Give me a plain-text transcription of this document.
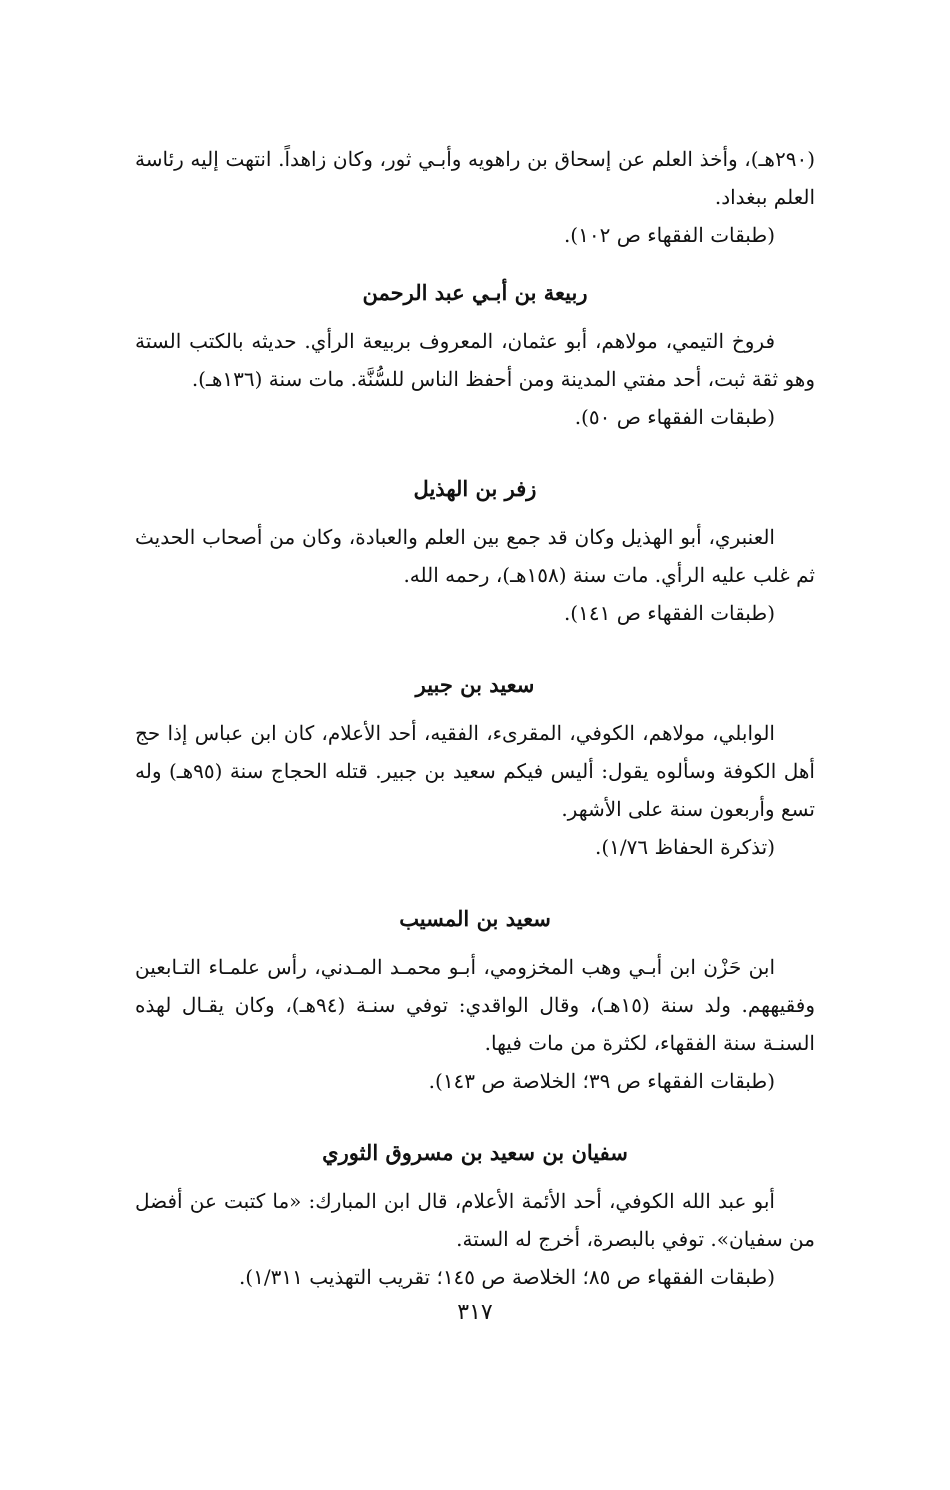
(٢٩٠هـ)، وأخذ العلم عن إسحاق بن راهويه وأبـي ثور، وكان زاهداً. انتهت إليه رئاسة العلم ببغداد.

(طبقات الفقهاء ص ١٠٢).

ربيعة بن أبـي عبد الرحمن

فروخ التيمي، مولاهم، أبو عثمان، المعروف بربيعة الرأي. حديثه بالكتب الستة وهو ثقة ثبت، أحد مفتي المدينة ومن أحفظ الناس للسُّنَّة. مات سنة (١٣٦هـ).

(طبقات الفقهاء ص ٥٠).

زفر بن الهذيل

العنبري، أبو الهذيل وكان قد جمع بين العلم والعبادة، وكان من أصحاب الحديث ثم غلب عليه الرأي. مات سنة (١٥٨هـ)، رحمه الله.

(طبقات الفقهاء ص ١٤١).

سعيد بن جبير

الوابلي، مولاهم، الكوفي، المقرىء، الفقيه، أحد الأعلام، كان ابن عباس إذا حج أهل الكوفة وسألوه يقول: أليس فيكم سعيد بن جبير. قتله الحجاج سنة (٩٥هـ) وله تسع وأربعون سنة على الأشهر.

(تذكرة الحفاظ ١/٧٦).

سعيد بن المسيب

ابن حَزْن ابن أبـي وهب المخزومي، أبـو محمـد المـدني، رأس علمـاء التـابعين وفقيههم. ولد سنة (١٥هـ)، وقال الواقدي: توفي سنـة (٩٤هـ)، وكان يقـال لهذه السنـة سنة الفقهاء، لكثرة من مات فيها.

(طبقات الفقهاء ص ٣٩؛ الخلاصة ص ١٤٣).

سفيان بن سعيد بن مسروق الثوري

أبو عبد الله الكوفي، أحد الأئمة الأعلام، قال ابن المبارك: «ما كتبت عن أفضل من سفيان». توفي بالبصرة، أخرج له الستة.

(طبقات الفقهاء ص ٨٥؛ الخلاصة ص ١٤٥؛ تقريب التهذيب ١/٣١١).

٣١٧
